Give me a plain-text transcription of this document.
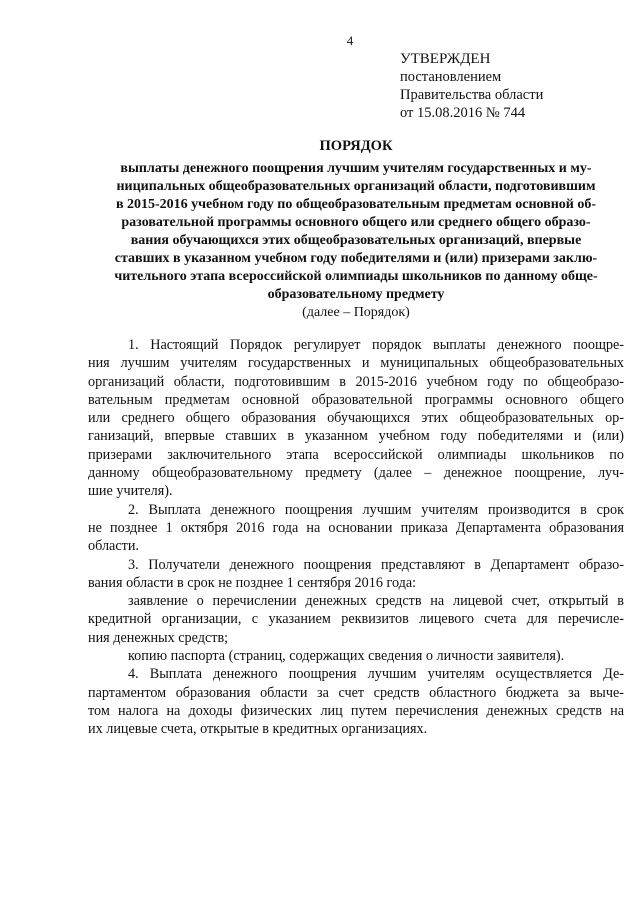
4
УТВЕРЖДЕН
постановлением
Правительства области
от 15.08.2016 № 744
ПОРЯДОК
выплаты денежного поощрения лучшим учителям государственных и му-
ниципальных общеобразовательных организаций области, подготовившим
в 2015-2016 учебном году по общеобразовательным предметам основной об-
разовательной программы основного общего или среднего общего образо-
вания обучающихся этих общеобразовательных организаций, впервые
ставших в указанном учебном году победителями и (или) призерами заклю-
чительного этапа всероссийской олимпиады школьников по данному обще-
образовательному предмету
(далее – Порядок)

1. Настоящий Порядок регулирует порядок выплаты денежного поощре-
ния лучшим учителям государственных и муниципальных общеобразовательных
организаций области, подготовившим в 2015-2016 учебном году по общеобразо-
вательным предметам основной образовательной программы основного общего
или среднего общего образования обучающихся этих общеобразовательных ор-
ганизаций, впервые ставших в указанном учебном году победителями и (или)
призерами заключительного этапа всероссийской олимпиады школьников по
данному общеобразовательному предмету (далее – денежное поощрение, луч-
шие учителя).

2. Выплата денежного поощрения лучшим учителям производится в срок
не позднее 1 октября 2016 года на основании приказа Департамента образования
области.

3. Получатели денежного поощрения представляют в Департамент образо-
вания области в срок не позднее 1 сентября 2016 года:

заявление о перечислении денежных средств на лицевой счет, открытый в
кредитной организации, с указанием реквизитов лицевого счета для перечисле-
ния денежных средств;

копию паспорта (страниц, содержащих сведения о личности заявителя).

4. Выплата денежного поощрения лучшим учителям осуществляется Де-
партаментом образования области за счет средств областного бюджета за выче-
том налога на доходы физических лиц путем перечисления денежных средств на
их лицевые счета, открытые в кредитных организациях.
